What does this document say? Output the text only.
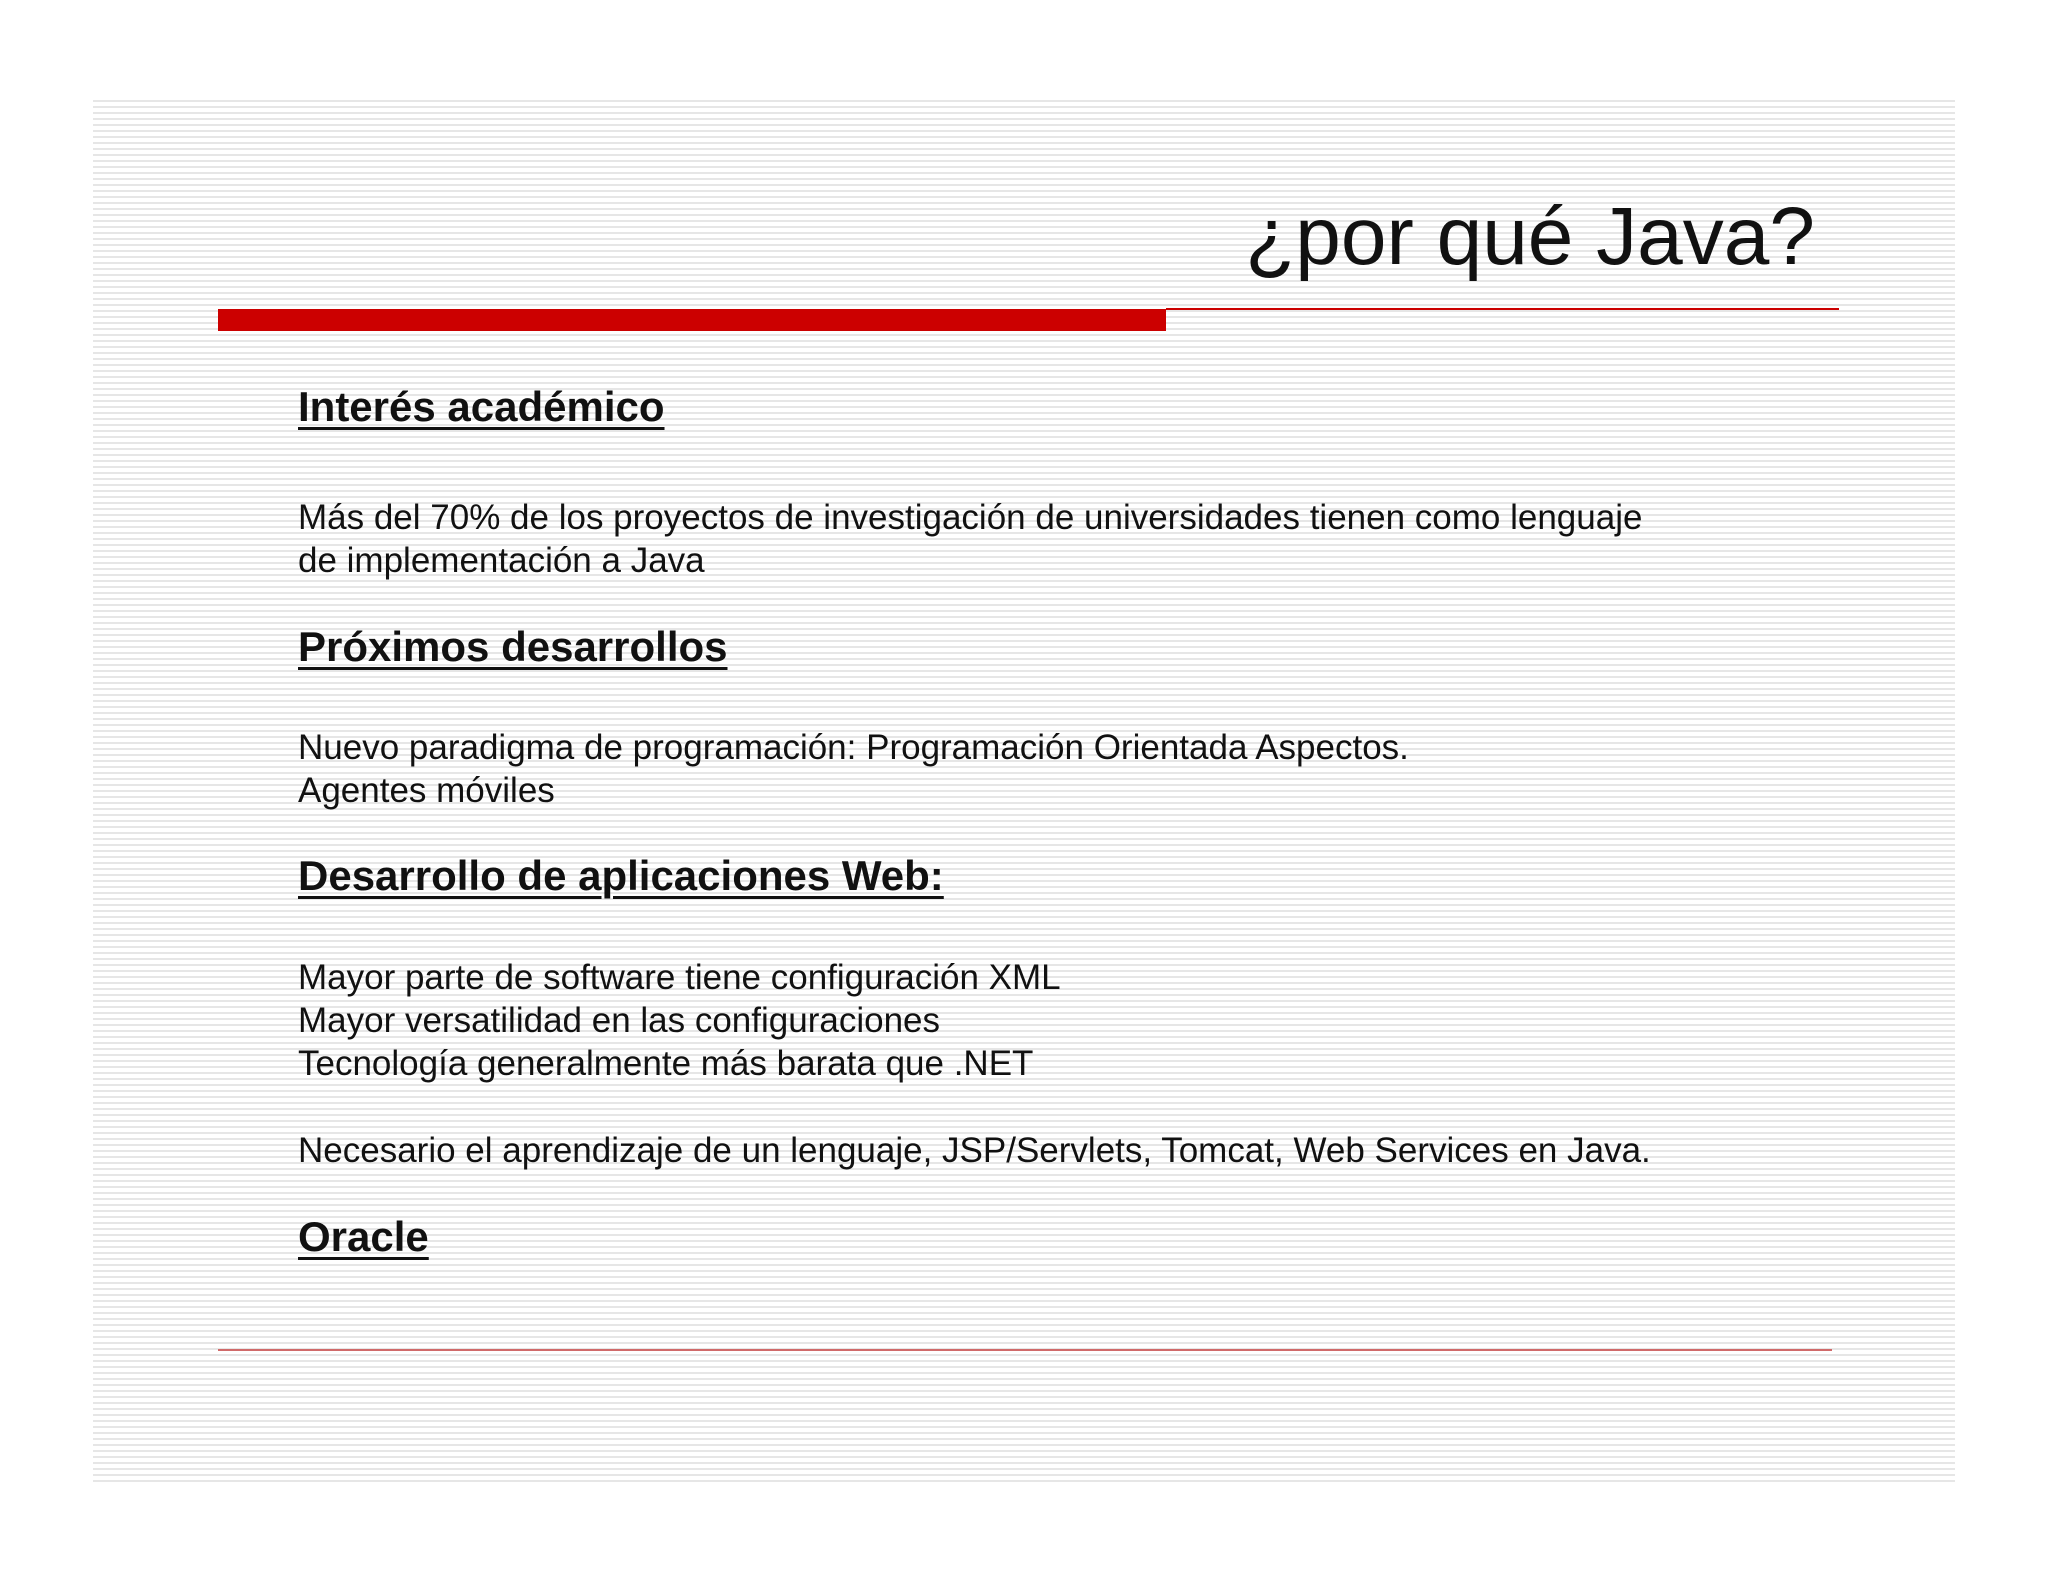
¿por qué Java?
Interés académico
Más del 70% de los proyectos de investigación de universidades tienen como lenguaje
de implementación a Java
Próximos desarrollos
Nuevo paradigma de programación: Programación Orientada Aspectos.
Agentes móviles
Desarrollo de aplicaciones Web:
Mayor parte de software tiene configuración XML
Mayor versatilidad en las configuraciones
Tecnología generalmente más barata que .NET
Necesario el aprendizaje de un lenguaje, JSP/Servlets, Tomcat, Web Services en Java.
Oracle
